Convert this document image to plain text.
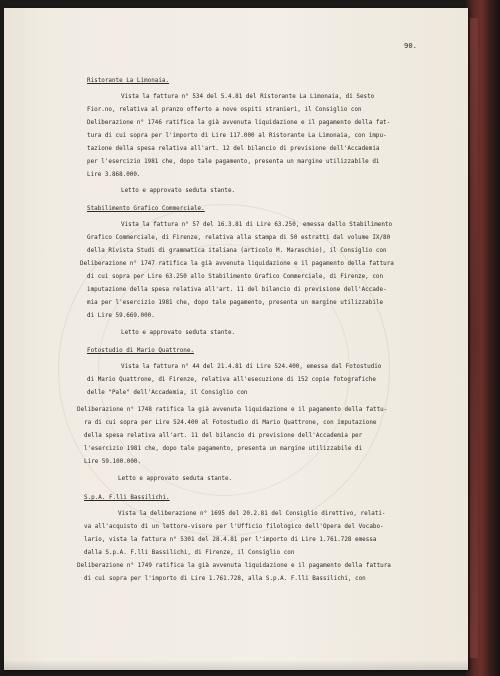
90.
Ristorante La Limonaia.
Vista la fattura n° 534 del 5.4.81 del Ristorante La Limonaia, di Sesto
Fior.no, relativa al pranzo offerto a nove ospiti stranieri, il Consiglio con
Deliberazione n° 1746 ratifica la già avvenuta liquidazione e il pagamento della fat-
tura di cui sopra per l'importo di Lire 117.000 al Ristorante La Limonaia, con impu-
tazione della spesa relativa all'art. 12 del bilancio di previsione dell'Accademia
per l'esercizio 1981 che, dopo tale pagamento, presenta un margine utilizzabile di
Lire 3.868.000.
Letto e approvato seduta stante.
Stabilimento Grafico Commerciale.
Vista la fattura n° 57 del 16.3.81 di Lire 63.250, emessa dallo Stabilimento
Grafico Commerciale, di Firenze, relativa alla stampa di 50 estratti dal volume IX/80
della Rivista Studi di grammatica italiana (articolo M. Maraschio), il Consiglio con
Deliberazione n° 1747 ratifica la già avvenuta liquidazione e il pagamento della fattura
di cui sopra per Lire 63.250 allo Stabilimento Grafico Commerciale, di Firenze, con
imputazione della spesa relativa all'art. 11 del bilancio di previsione dell'Accade-
mia per l'esercizio 1981 che, dopo tale pagamento, presenta un margine utilizzabile
di Lire 59.669.000.
Letto e approvato seduta stante.
Fotostudio di Mario Quattrone.
Vista la fattura n° 44 del 21.4.81 di Lire 524.400, emessa dal Fotostudio
di Mario Quattrone, di Firenze, relativa all'esecuzione di 152 copie fotografiche
delle "Pale" dell'Accademia, il Consiglio con
Deliberazione n° 1748 ratifica la già avvenuta liquidazione e il pagamento della fattu-
ra di cui sopra per Lire 524.400 al Fotostudio di Mario Quattrone, con imputazione
della spesa relativa all'art. 11 del bilancio di previsione dell'Accademia per
l'esercizio 1981 che, dopo tale pagamento, presenta un margine utilizzabile di
Lire 59.100.000.
Letto e approvato seduta stante.
S.p.A. F.lli Bassilichi.
Vista la deliberazione n° 1695 del 20.2.81 del Consiglio direttivo, relati-
va all'acquisto di un lettore-visore per l'Ufficio filologico dell'Opera del Vocabo-
lario, vista la fattura n° 5301 del 28.4.81 per l'importo di Lire 1.761.728 emessa
dalla S.p.A. F.lli Bassilichi, di Firenze, il Consiglio con
Deliberazione n° 1749 ratifica la già avvenuta liquidazione e il pagamento della fattura
di cui sopra per l'importo di Lire 1.761.728, alla S.p.A. F.lli Bassilichi, con
